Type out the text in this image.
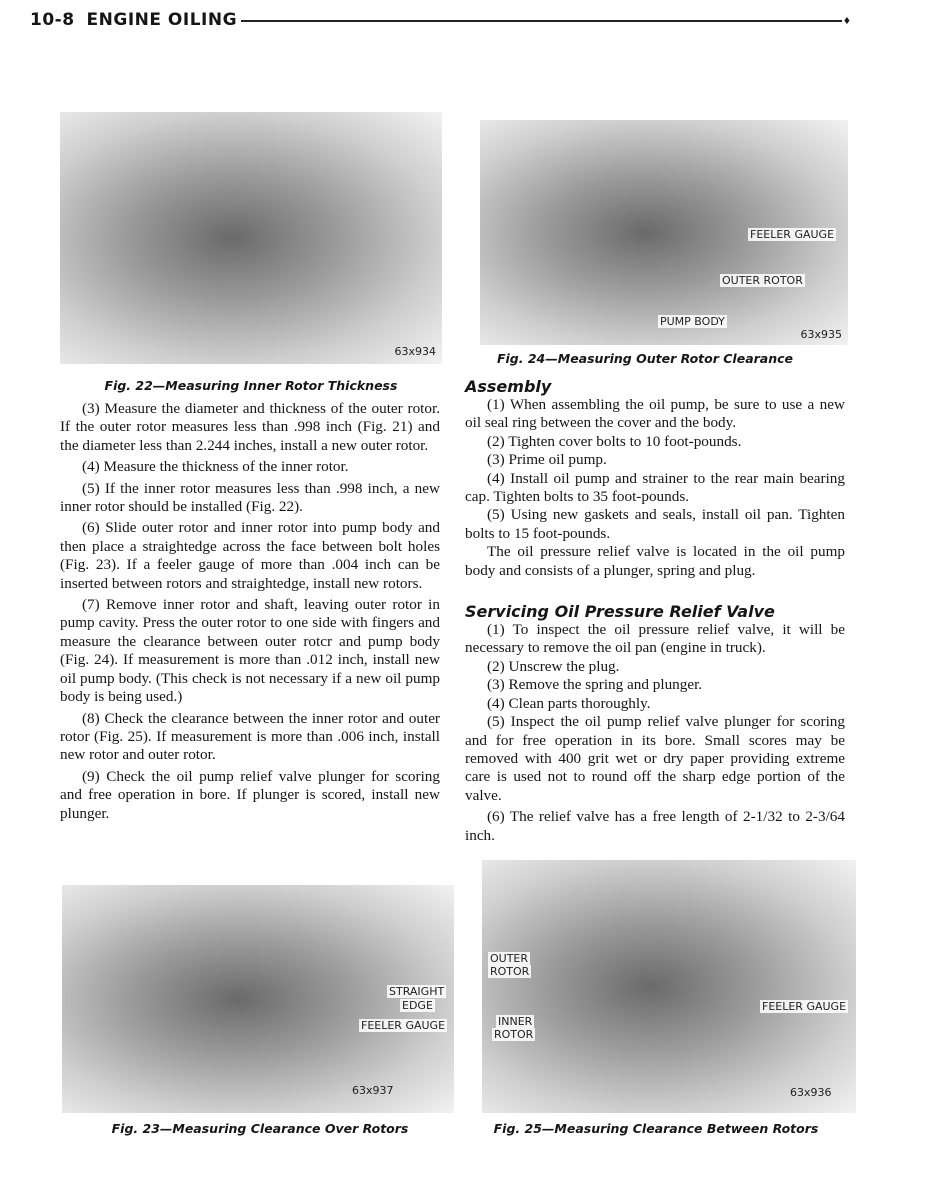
10-8 ENGINE OILING	♦
63x934
Fig. 22—Measuring Inner Rotor Thickness
FEELER GAUGE
OUTER ROTOR
PUMP BODY
63x935
Fig. 24—Measuring Outer Rotor Clearance

(3) Measure the diameter and thickness of the outer rotor. If the outer rotor measures less than .998 inch (Fig. 21) and the diameter less than 2.244 inches, install a new outer rotor.

(4) Measure the thickness of the inner rotor.

(5) If the inner rotor measures less than .998 inch, a new inner rotor should be installed (Fig. 22).

(6) Slide outer rotor and inner rotor into pump body and then place a straightedge across the face between bolt holes (Fig. 23). If a feeler gauge of more than .004 inch can be inserted between rotors and straightedge, install new rotors.

(7) Remove inner rotor and shaft, leaving outer rotor in pump cavity. Press the outer rotor to one side with fingers and measure the clearance between outer rotcr and pump body (Fig. 24). If measurement is more than .012 inch, install new oil pump body. (This check is not necessary if a new oil pump body is being used.)

(8) Check the clearance between the inner rotor and outer rotor (Fig. 25). If measurement is more than .006 inch, install new rotor and outer rotor.

(9) Check the oil pump relief valve plunger for scoring and free operation in bore. If plunger is scored, install new plunger.

Assembly

(1) When assembling the oil pump, be sure to use a new oil seal ring between the cover and the body.

(2) Tighten cover bolts to 10 foot-pounds.

(3) Prime oil pump.

(4) Install oil pump and strainer to the rear main bearing cap. Tighten bolts to 35 foot-pounds.

(5) Using new gaskets and seals, install oil pan. Tighten bolts to 15 foot-pounds.

The oil pressure relief valve is located in the oil pump body and consists of a plunger, spring and plug.

Servicing Oil Pressure Relief Valve

(1) To inspect the oil pressure relief valve, it will be necessary to remove the oil pan (engine in truck).

(2) Unscrew the plug.

(3) Remove the spring and plunger.

(4) Clean parts thoroughly.

(5) Inspect the oil pump relief valve plunger for scoring and for free operation in its bore. Small scores may be removed with 400 grit wet or dry paper providing extreme care is used not to round off the sharp edge portion of the valve.

(6) The relief valve has a free length of 2-1/32 to 2-3/64 inch.

STRAIGHT
EDGE
FEELER GAUGE
63x937
Fig. 23—Measuring Clearance Over Rotors
OUTER
ROTOR
INNER
ROTOR
FEELER GAUGE
63x936
Fig. 25—Measuring Clearance Between Rotors
